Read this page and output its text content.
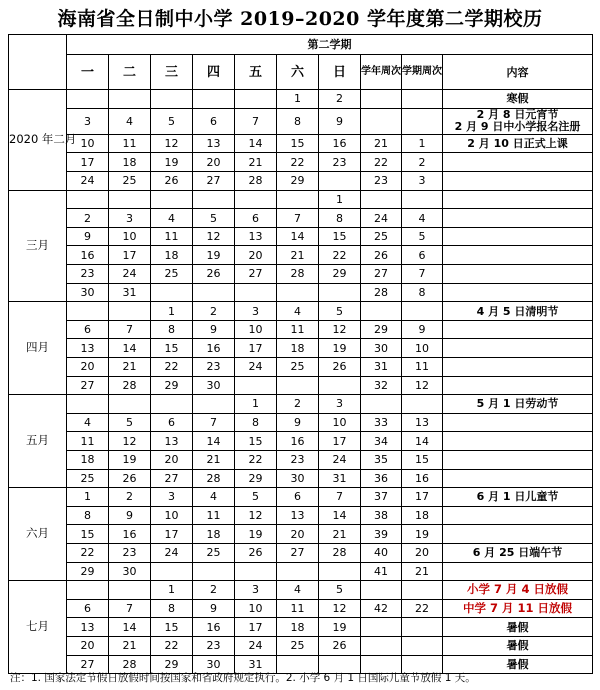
海南省全日制中小学 2019–2020 学年度第二学期校历
	第二学期									
	一	二	三	四	五	六	日	学年周次	学期周次	内容
2020 年二月						1	2			寒假
	3	4	5	6	7	8	9			2 月 8 日元宵节
2 月 9 日中小学报名注册
	10	11	12	13	14	15	16	21	1	2 月 10 日正式上课
	17	18	19	20	21	22	23	22	2	
	24	25	26	27	28	29		23	3	
三月							1			
	2	3	4	5	6	7	8	24	4	
	9	10	11	12	13	14	15	25	5	
	16	17	18	19	20	21	22	26	6	
	23	24	25	26	27	28	29	27	7	
	30	31						28	8	
四月			1	2	3	4	5			4 月 5 日清明节
	6	7	8	9	10	11	12	29	9	
	13	14	15	16	17	18	19	30	10	
	20	21	22	23	24	25	26	31	11	
	27	28	29	30				32	12	
五月					1	2	3			5 月 1 日劳动节
	4	5	6	7	8	9	10	33	13	
	11	12	13	14	15	16	17	34	14	
	18	19	20	21	22	23	24	35	15	
	25	26	27	28	29	30	31	36	16	
六月	1	2	3	4	5	6	7	37	17	6 月 1 日儿童节
	8	9	10	11	12	13	14	38	18	
	15	16	17	18	19	20	21	39	19	
	22	23	24	25	26	27	28	40	20	6 月 25 日端午节
	29	30						41	21	
七月			1	2	3	4	5			小学 7 月 4 日放假
	6	7	8	9	10	11	12	42	22	中学 7 月 11 日放假
	13	14	15	16	17	18	19			暑假
	20	21	22	23	24	25	26			暑假
	27	28	29	30	31					暑假
注：1. 国家法定节假日放假时间按国家和省政府规定执行。2. 小学 6 月 1 日国际儿童节放假 1 天。
